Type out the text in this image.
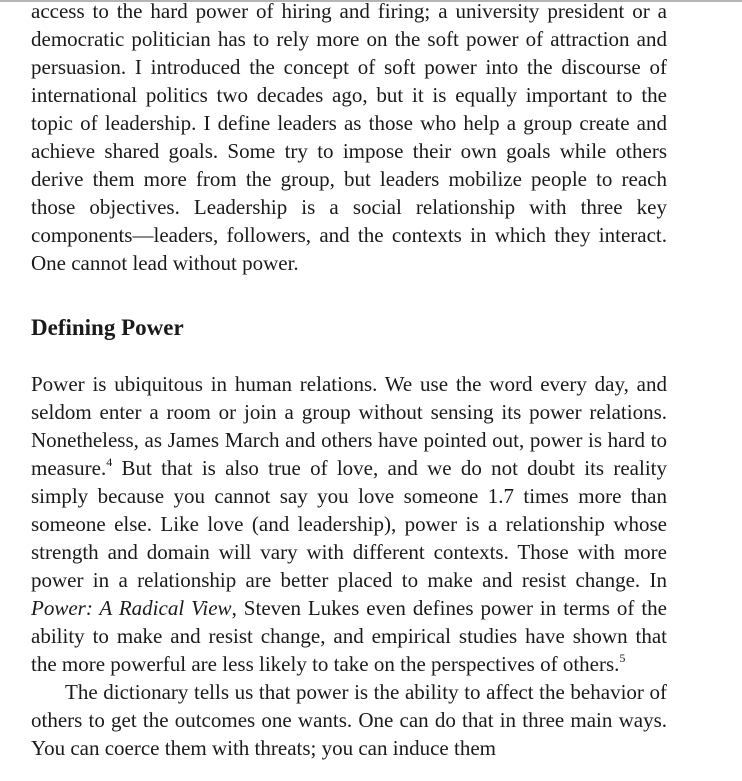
access to the hard power of hiring and firing; a university president or a democratic politician has to rely more on the soft power of attraction and persuasion. I introduced the concept of soft power into the discourse of international politics two decades ago, but it is equally important to the topic of leadership. I define leaders as those who help a group create and achieve shared goals. Some try to impose their own goals while others derive them more from the group, but leaders mobilize people to reach those objectives. Leadership is a social relationship with three key components—leaders, followers, and the contexts in which they interact. One cannot lead without power.

Defining Power

Power is ubiquitous in human relations. We use the word every day, and seldom enter a room or join a group without sensing its power relations. Nonetheless, as James March and others have pointed out, power is hard to measure.$^4$ But that is also true of love, and we do not doubt its reality simply because you cannot say you love someone 1.7 times more than someone else. Like love (and leadership), power is a relationship whose strength and domain will vary with different contexts. Those with more power in a relationship are better placed to make and resist change. In Power: A Radical View, Steven Lukes even defines power in terms of the ability to make and resist change, and empirical studies have shown that the more powerful are less likely to take on the perspectives of others.$^5$

The dictionary tells us that power is the ability to affect the behavior of others to get the outcomes one wants. One can do that in three main ways. You can coerce them with threats; you can induce them
